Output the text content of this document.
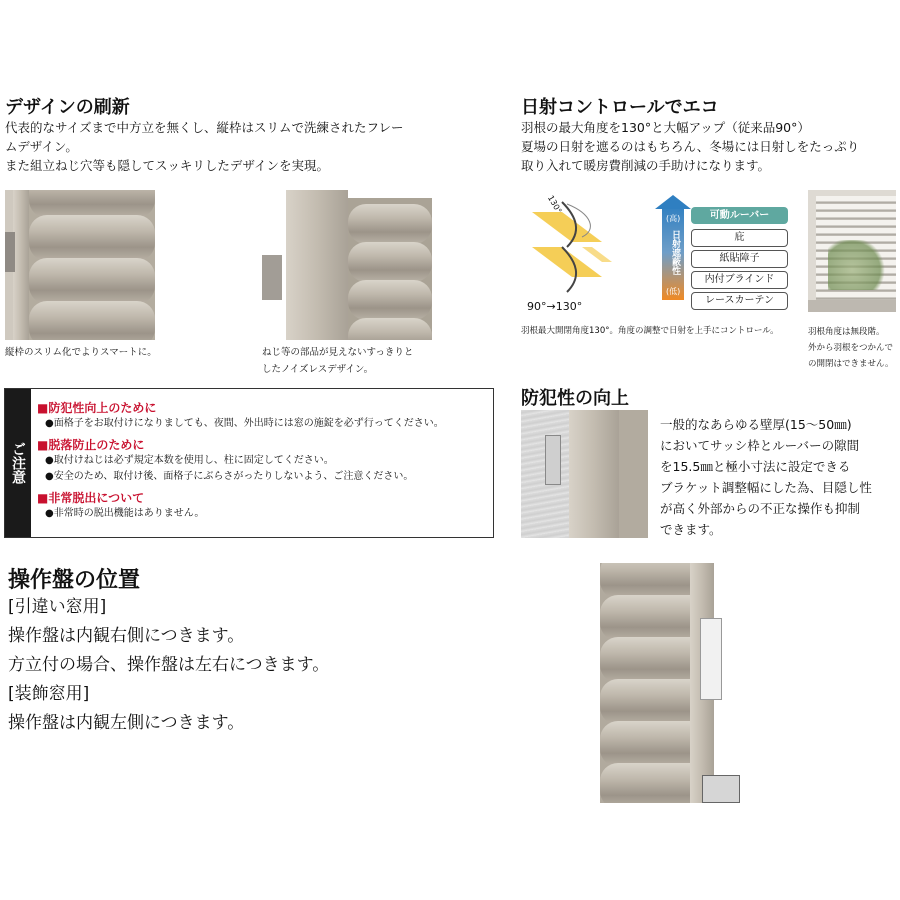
デザインの刷新
代表的なサイズまで中方立を無くし、縦枠はスリムで洗練されたフレー
ムデザイン。
また組立ねじ穴等も隠してスッキリしたデザインを実現。
縦枠のスリム化でよりスマートに。	ねじ等の部品が見えないすっきりと
したノイズレスデザイン。
ご注意
■防犯性向上のために
●面格子をお取付けになりましても、夜間、外出時には窓の施錠を必ず行ってください。
■脱落防止のために
●取付けねじは必ず規定本数を使用し、柱に固定してください。
●安全のため、取付け後、面格子にぶらさがったりしないよう、ご注意ください。
■非常脱出について
●非常時の脱出機能はありません。
日射コントロールでエコ
羽根の最大角度を130°と大幅アップ（従来品90°）
夏場の日射を遮るのはもちろん、冬場には日射しをたっぷり
取り入れて暖房費削減の手助けになります。
130°
90°→130°
(高)
日射遮蔽性
(低)
可動ルーバー
庇
紙貼障子
内付ブラインド
レースカーテン
羽根最大開閉角度130°。角度の調整で日射を上手にコントロール。	羽根角度は無段階。
外から羽根をつかんで
の開閉はできません。
防犯性の向上
一般的なあらゆる壁厚(15～50㎜)
においてサッシ枠とルーバーの隙間
を15.5㎜と極小寸法に設定できる
ブラケット調整幅にした為、目隠し性
が高く外部からの不正な操作も抑制
できます。
操作盤の位置
[引違い窓用]
操作盤は内観右側につきます。
方立付の場合、操作盤は左右につきます。
[装飾窓用]
操作盤は内観左側につきます。
